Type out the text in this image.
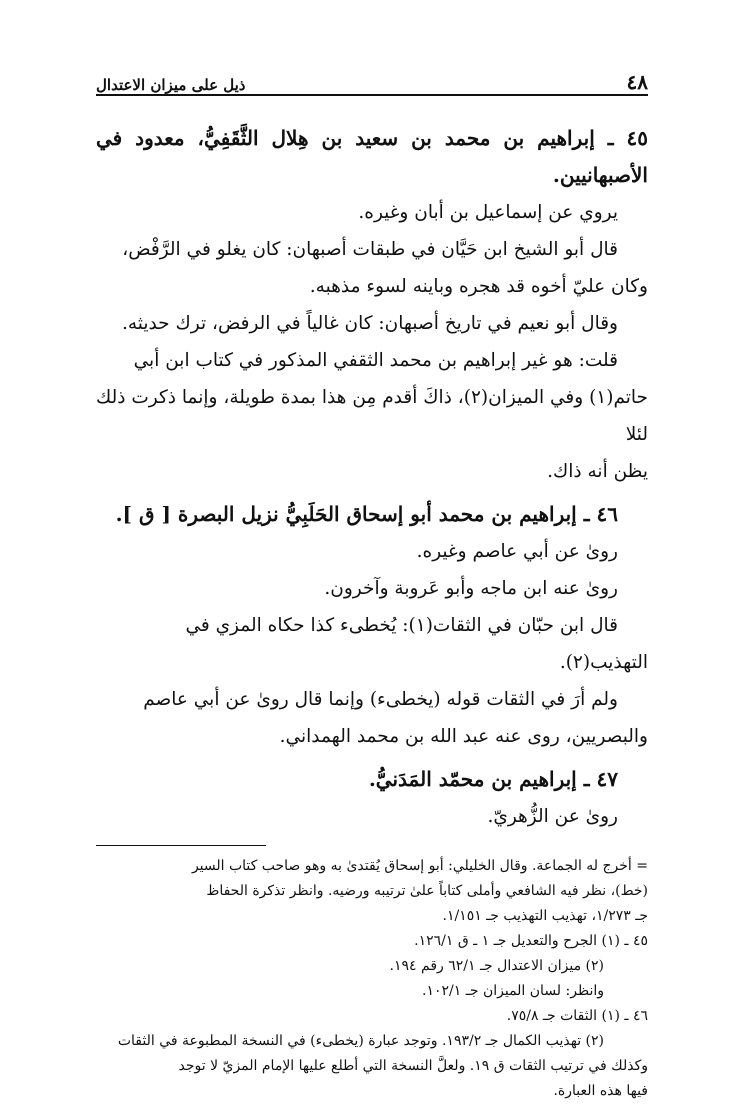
٤٨
ذيل على ميزان الاعتدال
٤٥ ـ إبراهيم بن محمد بن سعيد بن هِلال الثَّقَفِيُّ، معدود في الأصبهانيين.
يروي عن إسماعيل بن أبان وغيره.
قال أبو الشيخ ابن حَيَّان في طبقات أصبهان: كان يغلو في الرَّفْض،
وكان عليّ أخوه قد هجره وباينه لسوء مذهبه.
وقال أبو نعيم في تاريخ أصبهان: كان غالياً في الرفض، ترك حديثه.
قلت: هو غير إبراهيم بن محمد الثقفي المذكور في كتاب ابن أبي
حاتم(١) وفي الميزان(٢)، ذاكَ أقدم مِن هذا بمدة طويلة، وإنما ذكرت ذلك لئلا
يظن أنه ذاك.
٤٦ ـ إبراهيم بن محمد أبو إسحاق الحَلَبِيُّ نزيل البصرة [ ق ].
روىٰ عن أبي عاصم وغيره.
روىٰ عنه ابن ماجه وأبو عَروبة وآخرون.
قال ابن حبّان في الثقات(١): يُخطىء كذا حكاه المزي في
التهذيب(٢).
ولم أرَ في الثقات قوله (يخطىء) وإنما قال روىٰ عن أبي عاصم
والبصريين، روى عنه عبد الله بن محمد الهمداني.
٤٧ ـ إبراهيم بن محمّد المَدَنيُّ.
روىٰ عن الزُّهريّ.
= أخرج له الجماعة. وقال الخليلي: أبو إسحاق يُقتدىٰ به وهو صاحب كتاب السير
(خط)، نظر فيه الشافعي وأملى كتاباً علىٰ ترتيبه ورضيه. وانظر تذكرة الحفاظ
جـ ١/٢٧٣، تهذيب التهذيب جـ ١/١٥١.
٤٥ ـ (١) الجرح والتعديل جـ ١ ـ ق ١٢٦/١.
(٢) ميزان الاعتدال جـ ٦٢/١ رقم ١٩٤.
وانظر: لسان الميزان جـ ١٠٢/١.
٤٦ ـ (١) الثقات جـ ٧٥/٨.
(٢) تهذيب الكمال جـ ١٩٣/٢. وتوجد عبارة (يخطىء) في النسخة المطبوعة في الثقات
وكذلك في ترتيب الثقات ق ١٩. ولعلَّ النسخة التي أطلع عليها الإمام المزيّ لا توجد
فيها هذه العبارة.
